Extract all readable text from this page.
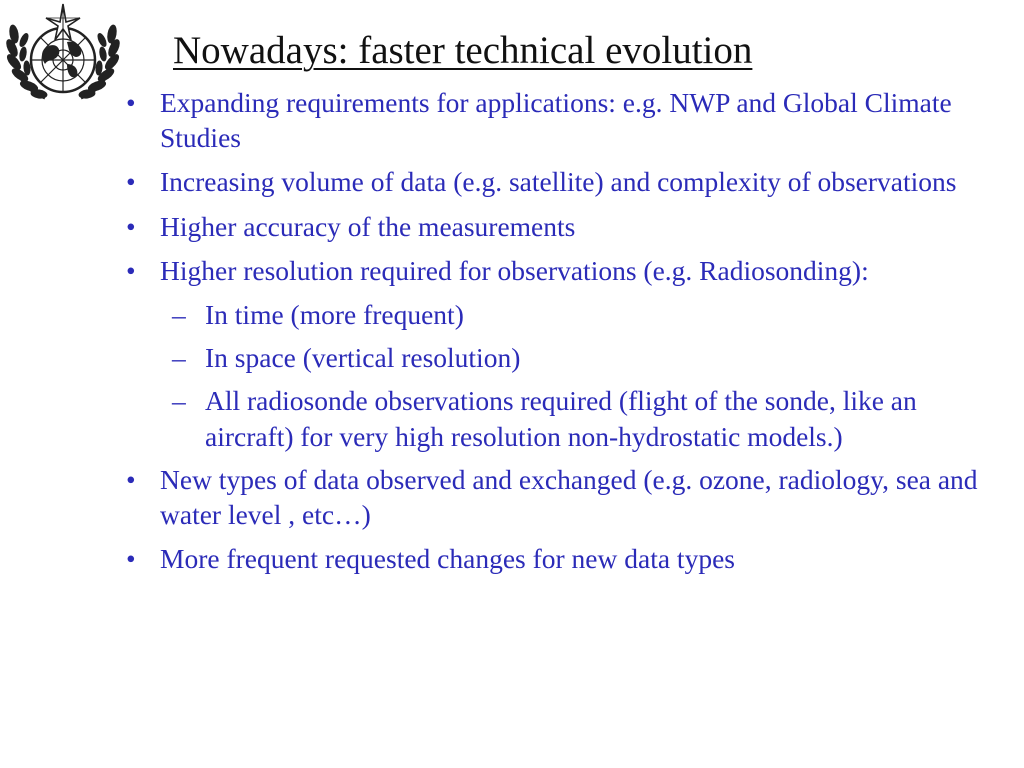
Nowadays: faster technical evolution
• Expanding requirements for applications: e.g. NWP and Global Climate Studies
• Increasing volume of data (e.g. satellite) and complexity of observations
• Higher accuracy of the measurements
• Higher resolution required for observations (e.g. Radiosonding):
– In time (more frequent)
– In space (vertical resolution)
– All radiosonde observations required (flight of the sonde, like an aircraft) for very high resolution non-hydrostatic models.)
• New types of data observed and exchanged (e.g. ozone, radiology, sea and water level , etc…)
• More frequent requested changes for new data types
